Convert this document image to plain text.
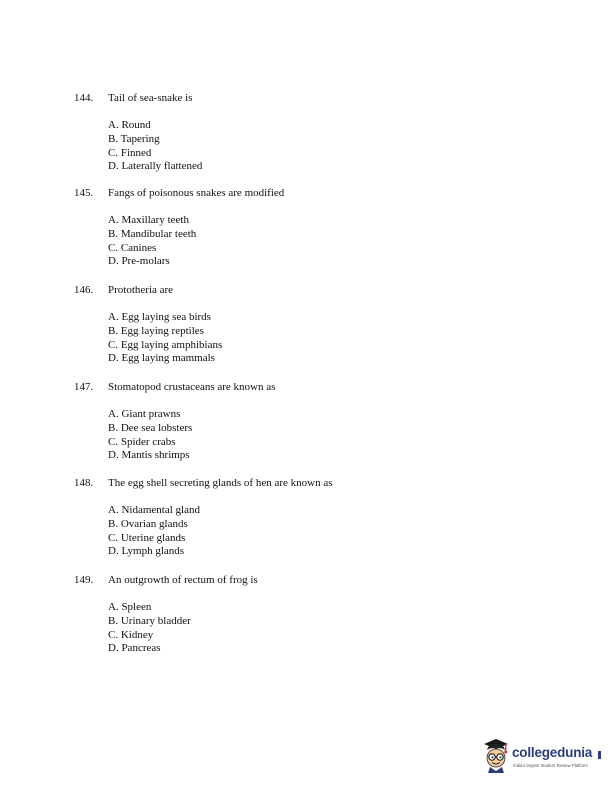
144. Tail of sea-snake is
A. Round
B. Tapering
C. Finned
D. Laterally flattened
145. Fangs of poisonous snakes are modified
A. Maxillary teeth
B. Mandibular teeth
C. Canines
D. Pre-molars
146. Prototheria are
A. Egg laying sea birds
B. Egg laying reptiles
C. Egg laying amphibians
D. Egg laying mammals
147. Stomatopod crustaceans are known as
A. Giant prawns
B. Dee sea lobsters
C. Spider crabs
D. Mantis shrimps
148. The egg shell secreting glands of hen are known as
A. Nidamental gland
B. Ovarian glands
C. Uterine glands
D. Lymph glands
149. An outgrowth of rectum of frog is
A. Spleen
B. Urinary bladder
C. Kidney
D. Pancreas
collegedunia
India's largest Student Review Platform
